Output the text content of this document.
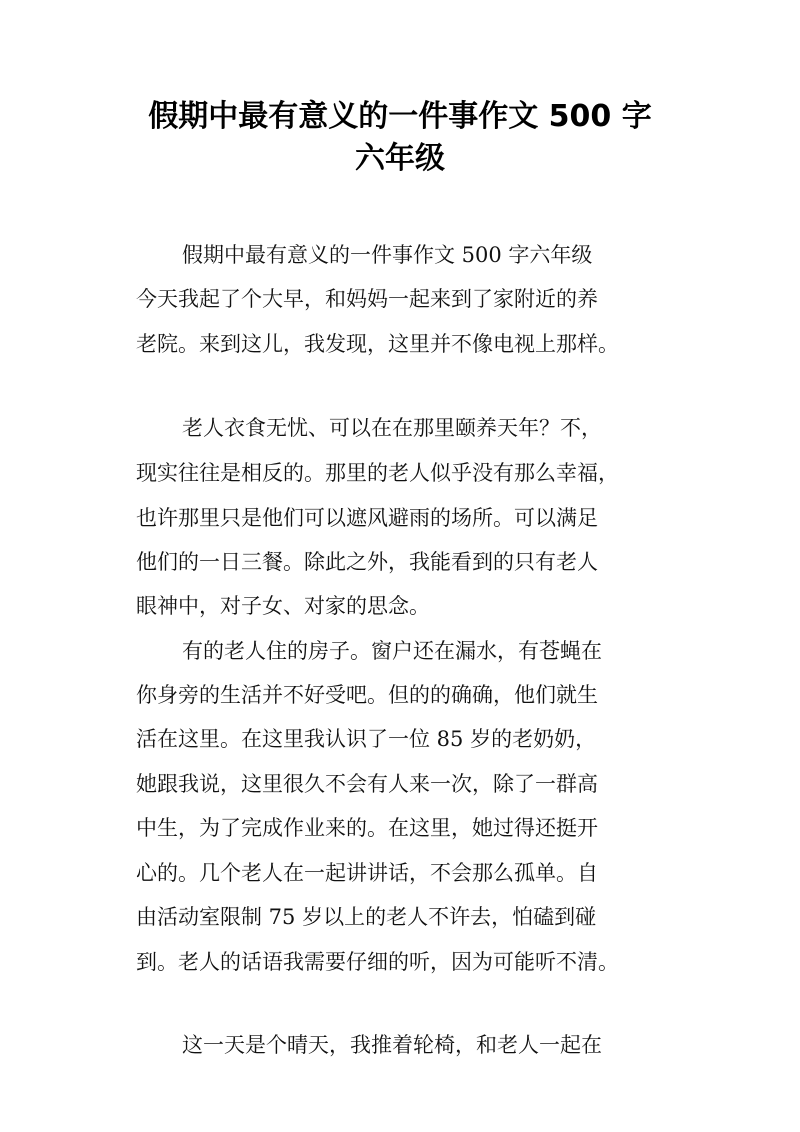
假期中最有意义的一件事作文 500 字
六年级
假期中最有意义的一件事作文 500 字六年级
今天我起了个大早，和妈妈一起来到了家附近的养
老院。来到这儿，我发现，这里并不像电视上那样。
老人衣食无忧、可以在在那里颐养天年？不，
现实往往是相反的。那里的老人似乎没有那么幸福，
也许那里只是他们可以遮风避雨的场所。可以满足
他们的一日三餐。除此之外，我能看到的只有老人
眼神中，对子女、对家的思念。
有的老人住的房子。窗户还在漏水，有苍蝇在
你身旁的生活并不好受吧。但的的确确，他们就生
活在这里。在这里我认识了一位 85 岁的老奶奶，
她跟我说，这里很久不会有人来一次，除了一群高
中生，为了完成作业来的。在这里，她过得还挺开
心的。几个老人在一起讲讲话，不会那么孤单。自
由活动室限制 75 岁以上的老人不许去，怕磕到碰
到。老人的话语我需要仔细的听，因为可能听不清。
这一天是个晴天，我推着轮椅，和老人一起在
